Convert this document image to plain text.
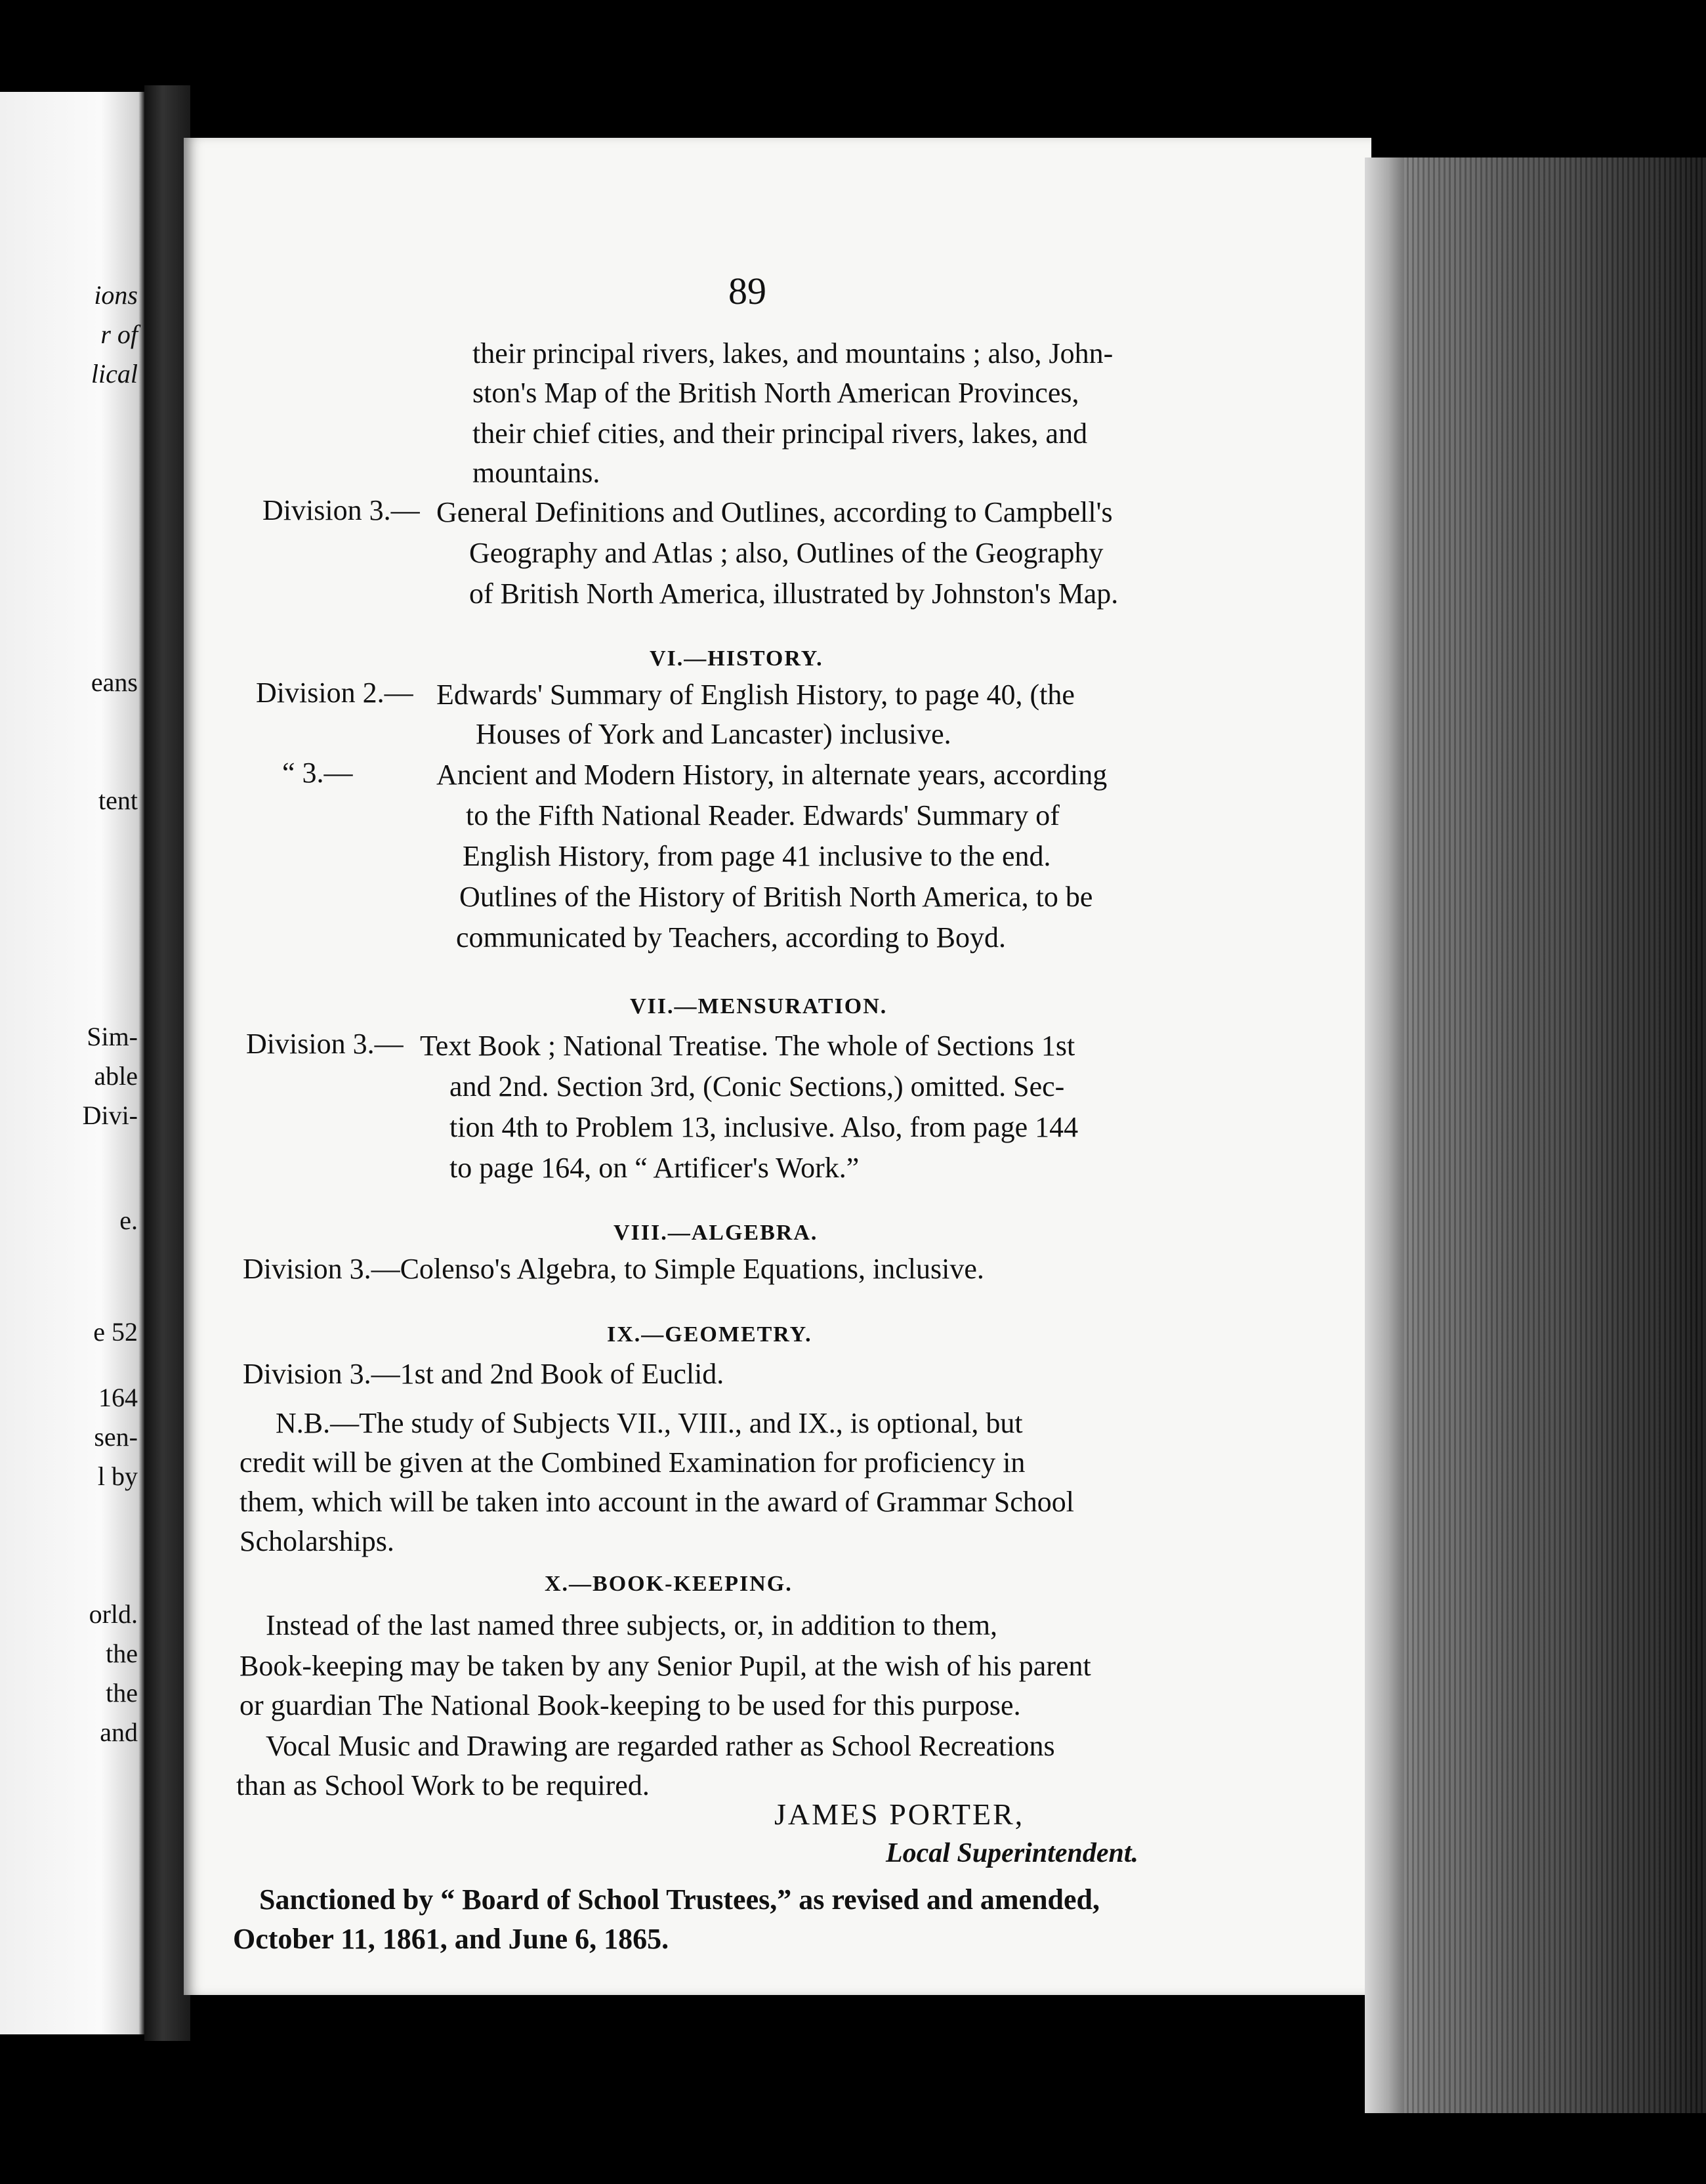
ions
r of
lical
eans
tent
Sim-
able
Divi-
e.
e 52
164
sen-
l by
orld.
the
the
and
89
their principal rivers, lakes, and mountains ; also, John-
ston's Map of the British North American Provinces,
their chief cities, and their principal rivers, lakes, and
mountains.
Division 3.— General Definitions and Outlines, according to Campbell's
Geography and Atlas ; also, Outlines of the Geography
of British North America, illustrated by Johnston's Map.
VI.—HISTORY.
Division 2.— Edwards' Summary of English History, to page 40, (the
Houses of York and Lancaster) inclusive.
“ 3.—	Ancient and Modern History, in alternate years, according
to the Fifth National Reader. Edwards' Summary of
English History, from page 41 inclusive to the end.
Outlines of the History of British North America, to be
communicated by Teachers, according to Boyd.
VII.—MENSURATION.
Division 3.— Text Book ; National Treatise. The whole of Sections 1st
and 2nd. Section 3rd, (Conic Sections,) omitted. Sec-
tion 4th to Problem 13, inclusive. Also, from page 144
to page 164, on “ Artificer's Work.”
VIII.—ALGEBRA.
Division 3.—Colenso's Algebra, to Simple Equations, inclusive.
IX.—GEOMETRY.
Division 3.—1st and 2nd Book of Euclid.
N.B.—The study of Subjects VII., VIII., and IX., is optional, but
credit will be given at the Combined Examination for proficiency in
them, which will be taken into account in the award of Grammar School
Scholarships.
X.—BOOK-KEEPING.
Instead of the last named three subjects, or, in addition to them,
Book-keeping may be taken by any Senior Pupil, at the wish of his parent
or guardian The National Book-keeping to be used for this purpose.
Vocal Music and Drawing are regarded rather as School Recreations
than as School Work to be required.
JAMES PORTER,
Local Superintendent.
Sanctioned by “ Board of School Trustees,” as revised and amended,
October 11, 1861, and June 6, 1865.
